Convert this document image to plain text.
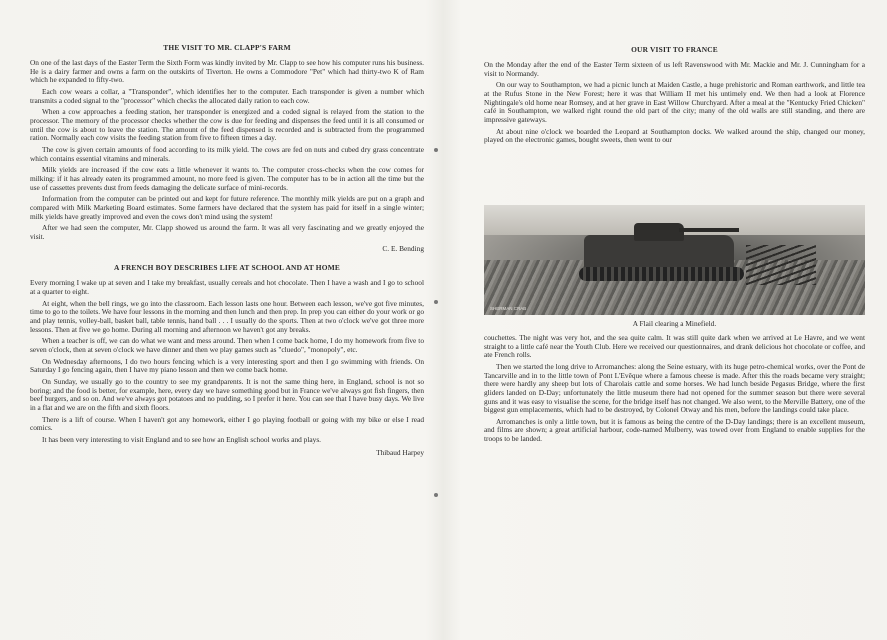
THE VISIT TO MR. CLAPP'S FARM

On one of the last days of the Easter Term the Sixth Form was kindly invited by Mr. Clapp to see how his computer runs his business. He is a dairy farmer and owns a farm on the outskirts of Tiverton. He owns a Commodore "Pet" which had thirty-two K of Ram which he expanded to fifty-two.

Each cow wears a collar, a "Transponder", which identifies her to the computer. Each transponder is given a number which transmits a coded signal to the "processor" which checks the allocated daily ration to each cow.

When a cow approaches a feeding station, her transponder is energized and a coded signal is relayed from the station to the processor. The memory of the processor checks whether the cow is due for feeding and dispenses the feed until it is all consumed or until the cow is about to leave the station. The amount of the feed dispensed is recorded and is subtracted from the programmed ration. Normally each cow visits the feeding station from five to fifteen times a day.

The cow is given certain amounts of food according to its milk yield. The cows are fed on nuts and cubed dry grass concentrate which contains essential vitamins and minerals.

Milk yields are increased if the cow eats a little whenever it wants to. The computer cross-checks when the cow comes for milking: if it has already eaten its programmed amount, no more feed is given. The computer has to be in action all the time but the use of cassettes prevents dust from feeds damaging the delicate surface of mini-records.

Information from the computer can be printed out and kept for future reference. The monthly milk yields are put on a graph and compared with Milk Marketing Board estimates. Some farmers have declared that the system has paid for itself in a single winter; milk yields have greatly improved and even the cows don't mind using the system!

After we had seen the computer, Mr. Clapp showed us around the farm. It was all very fascinating and we greatly enjoyed the visit.

C. E. Bending
A FRENCH BOY DESCRIBES LIFE AT SCHOOL AND AT HOME

Every morning I wake up at seven and I take my breakfast, usually cereals and hot chocolate. Then I have a wash and I go to school at a quarter to eight.

At eight, when the bell rings, we go into the classroom. Each lesson lasts one hour. Between each lesson, we've got five minutes, time to go to the toilets. We have four lessons in the morning and then lunch and then prep. In prep you can either do your work or go and play tennis, volley-ball, basket ball, table tennis, hand ball . . . I usually do the sports. Then at two o'clock we've got three more lessons. Then at five we go home. During all morning and afternoon we haven't got any breaks.

When a teacher is off, we can do what we want and mess around. Then when I come back home, I do my homework from five to seven o'clock, then at seven o'clock we have dinner and then we play games such as "cluedo", "monopoly", etc.

On Wednesday afternoons, I do two hours fencing which is a very interesting sport and then I go swimming with friends. On Saturday I go fencing again, then I have my piano lesson and then we come back home.

On Sunday, we usually go to the country to see my grandparents. It is not the same thing here, in England, school is not so boring; and the food is better, for example, here, every day we have something good but in France we've always got fish fingers, then beef burgers, and so on. And we've always got potatoes and no pudding, so I prefer it here. You can see that I have busy days. We live in a flat and we are on the fifth and sixth floors.

There is a lift of course. When I haven't got any homework, either I go playing football or going with my bike or else I read comics.

It has been very interesting to visit England and to see how an English school works and plays.

Thibaud Harpey
OUR VISIT TO FRANCE

On the Monday after the end of the Easter Term sixteen of us left Ravenswood with Mr. Mackie and Mr. J. Cunningham for a visit to Normandy.

On our way to Southampton, we had a picnic lunch at Maiden Castle, a huge prehistoric and Roman earthwork, and little tea at the Rufus Stone in the New Forest; here it was that William II met his untimely end. We then had a look at Florence Nightingale's old home near Romsey, and at her grave in East Willow Churchyard. After a meal at the "Kentucky Fried Chicken" café in Southampton, we walked right round the old part of the city; many of the old walls are still standing, and there are impressive gateways.

At about nine o'clock we boarded the Leopard at Southampton docks. We walked around the ship, changed our money, played on the electronic games, bought sweets, then went to our

SHERMAN CRAB
A Flail clearing a Minefield.

couchettes. The night was very hot, and the sea quite calm. It was still quite dark when we arrived at Le Havre, and we went straight to a little café near the Youth Club. Here we received our questionnaires, and drank delicious hot chocolate or coffee, and ate French rolls.

Then we started the long drive to Arromanches: along the Seine estuary, with its huge petro-chemical works, over the Pont de Tancarville and in to the little town of Pont L'Evêque where a famous cheese is made. After this the roads became very straight; there were hardly any sheep but lots of Charolais cattle and some horses. We had lunch beside Pegasus Bridge, where the first gliders landed on D-Day; unfortunately the little museum there had not opened for the summer season but there were several guns and it was easy to visualise the scene, for the bridge itself has not changed. We also went, to the Merville Battery, one of the biggest gun emplacements, which had to be destroyed, by Colonel Otway and his men, before the landings could take place.

Arromanches is only a little town, but it is famous as being the centre of the D-Day landings; there is an excellent museum, and films are shown; a great artificial harbour, code-named Mulberry, was towed over from England to enable supplies for the troops to be landed.
